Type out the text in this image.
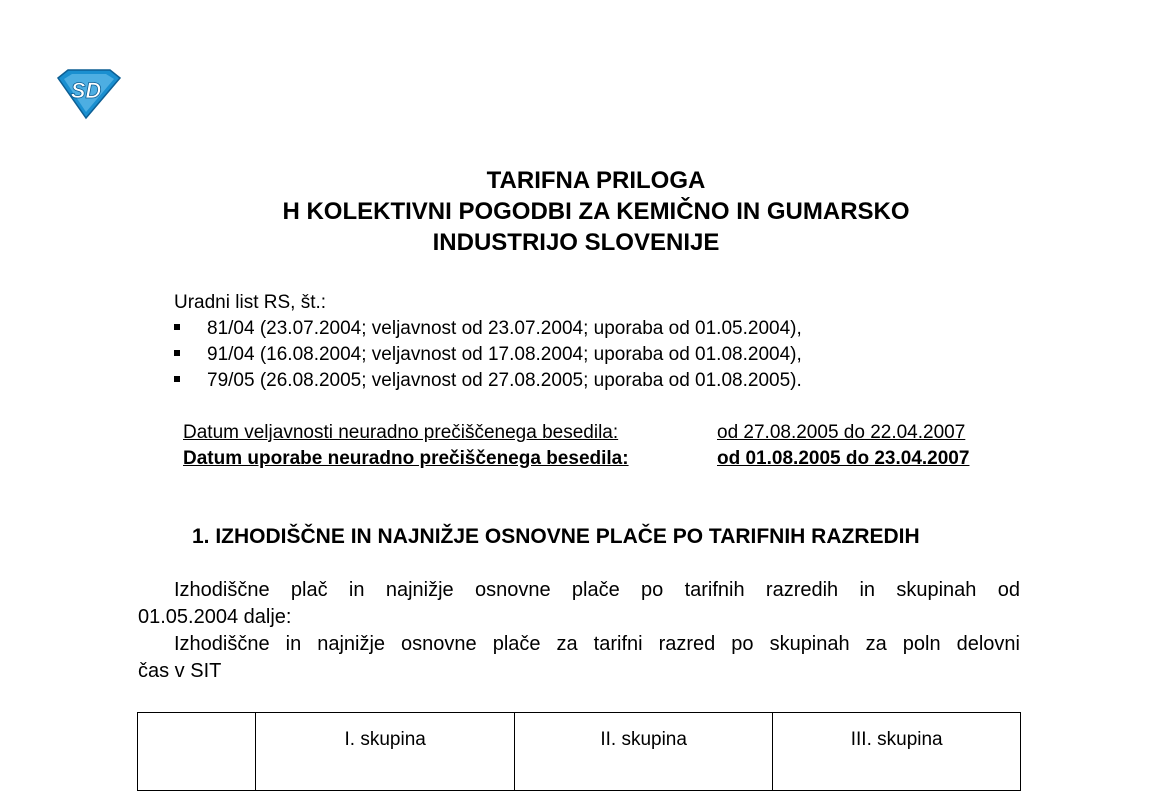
SD
TARIFNA PRILOGA
H KOLEKTIVNI POGODBI ZA KEMIČNO IN GUMARSKO
INDUSTRIJO SLOVENIJE
Uradni list RS, št.:
81/04 (23.07.2004; veljavnost od 23.07.2004; uporaba od 01.05.2004),
91/04 (16.08.2004; veljavnost od 17.08.2004; uporaba od 01.08.2004),
79/05 (26.08.2005; veljavnost od 27.08.2005; uporaba od 01.08.2005).
Datum veljavnosti neuradno prečiščenega besedila:	od 27.08.2005 do 22.04.2007
Datum uporabe neuradno prečiščenega besedila:	od 01.08.2005 do 23.04.2007
1. IZHODIŠČNE IN NAJNIŽJE OSNOVNE PLAČE PO TARIFNIH RAZREDIH
Izhodiščne plač in najnižje osnovne plače po tarifnih razredih in skupinah od
01.05.2004 dalje:
Izhodiščne in najnižje osnovne plače za tarifni razred po skupinah za poln delovni
čas v SIT
	I. skupina	II. skupina	III. skupina
